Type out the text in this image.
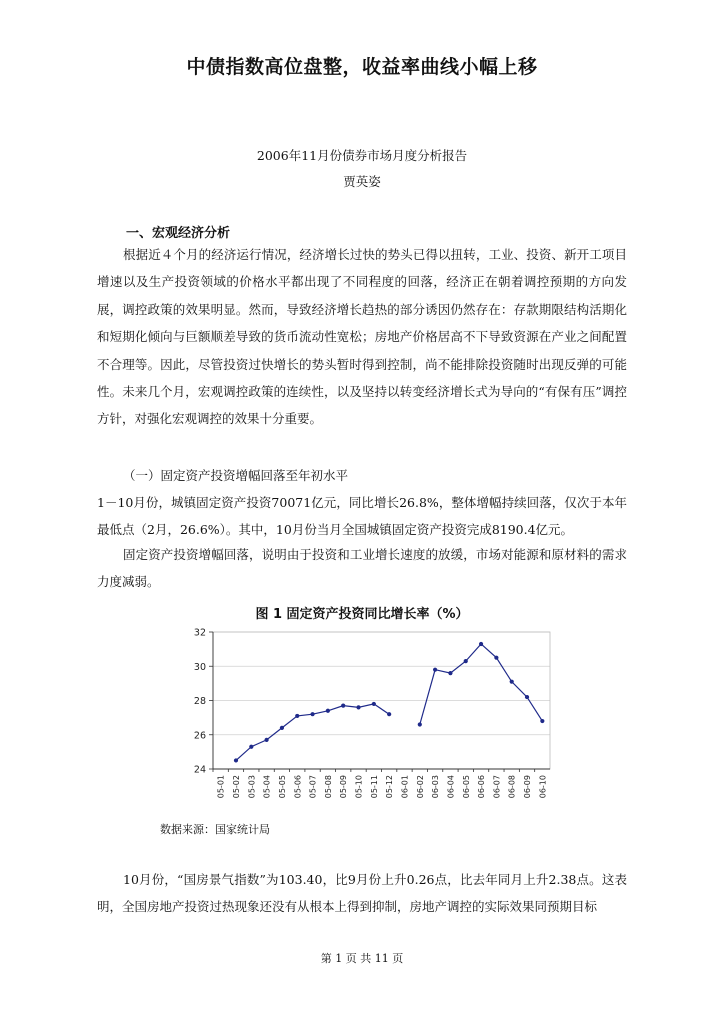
中债指数高位盘整，收益率曲线小幅上移
2006年11月份债券市场月度分析报告
贾英姿
一、宏观经济分析

根据近４个月的经济运行情况，经济增长过快的势头已得以扭转，工业、投资、新开工项目增速以及生产投资领域的价格水平都出现了不同程度的回落，经济正在朝着调控预期的方向发展，调控政策的效果明显。然而，导致经济增长趋热的部分诱因仍然存在：存款期限结构活期化和短期化倾向与巨额顺差导致的货币流动性宽松；房地产价格居高不下导致资源在产业之间配置不合理等。因此，尽管投资过快增长的势头暂时得到控制，尚不能排除投资随时出现反弹的可能性。未来几个月，宏观调控政策的连续性，以及坚持以转变经济增长式为导向的“有保有压”调控方针，对强化宏观调控的效果十分重要。

（一）固定资产投资增幅回落至年初水平

1－10月份，城镇固定资产投资70071亿元，同比增长26.8%，整体增幅持续回落，仅次于本年最低点（2月，26.6%）。其中，10月份当月全国城镇固定资产投资完成8190.4亿元。

固定资产投资增幅回落，说明由于投资和工业增长速度的放缓，市场对能源和原材料的需求力度减弱。

图 1 固定资产投资同比增长率（%）
24
26
28
30
32
05-01 05-02 05-03 05-04 05-05 05-06 05-07 05-08 05-09 05-10 05-11 05-12 06-01 06-02 06-03 06-04 06-05 06-06 06-07 06-08 06-09 06-10
数据来源：国家统计局

10月份，“国房景气指数”为103.40，比9月份上升0.26点，比去年同月上升2.38点。这表明，全国房地产投资过热现象还没有从根本上得到抑制，房地产调控的实际效果同预期目标

第 1 页 共 11 页
